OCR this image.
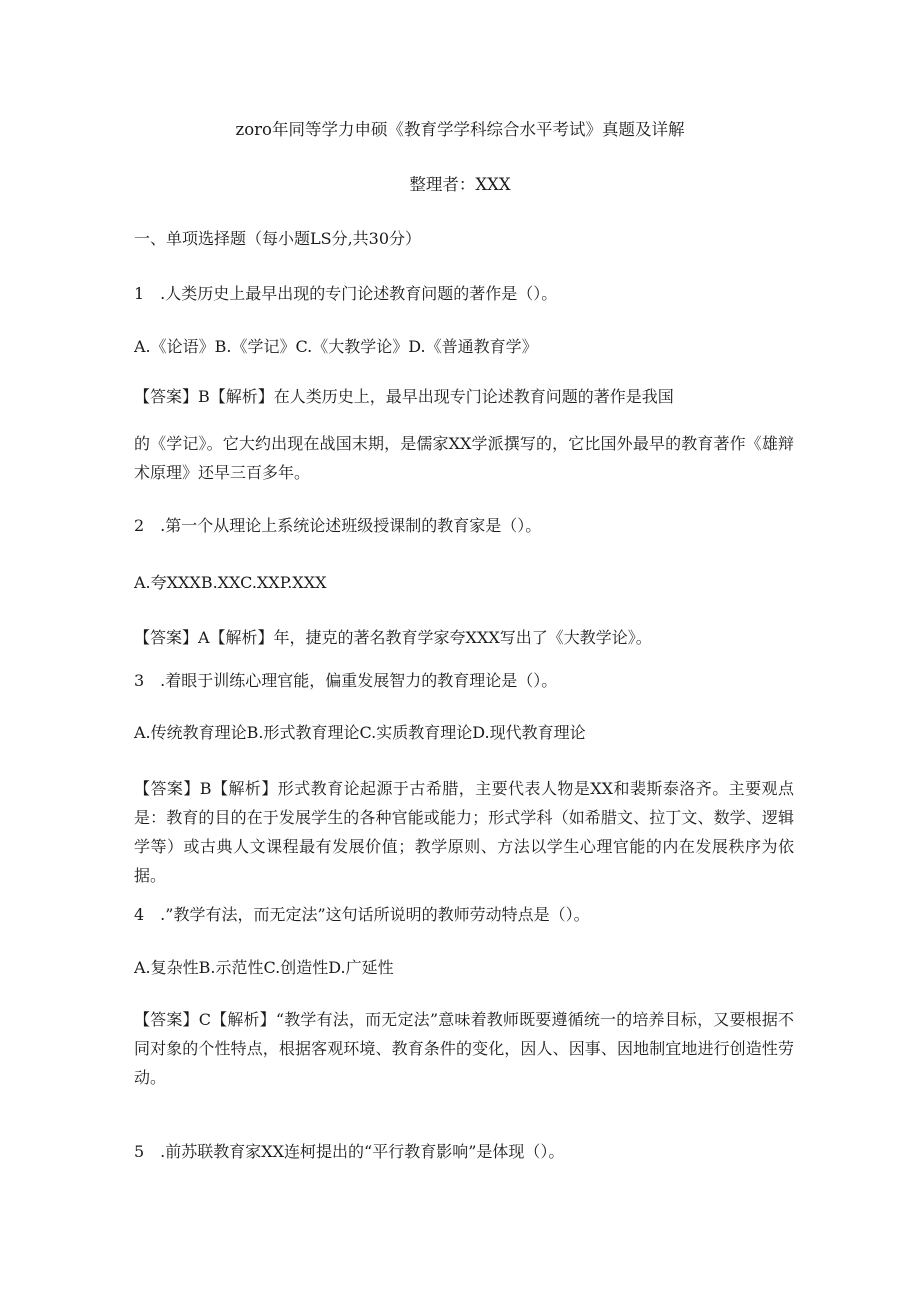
zoro年同等学力申硕《教育学学科综合水平考试》真题及详解
整理者：XXX
一、单项选择题（每小题LS分,共30分）
1　.人类历史上最早出现的专门论述教育问题的著作是（）。
A.《论语》B.《学记》C.《大教学论》D.《普通教育学》
【答案】B【解析】在人类历史上，最早出现专门论述教育问题的著作是我国
的《学记》。它大约出现在战国末期，是儒家XX学派撰写的，它比国外最早的教育著作《雄辩术原理》还早三百多年。
2　.第一个从理论上系统论述班级授课制的教育家是（）。
A.夸XXXB.XXC.XXP.XXX
【答案】A【解析】年，捷克的著名教育学家夸XXX写出了《大教学论》。
3　.着眼于训练心理官能，偏重发展智力的教育理论是（）。
A.传统教育理论B.形式教育理论C.实质教育理论D.现代教育理论
【答案】B【解析】形式教育论起源于古希腊，主要代表人物是XX和裴斯泰洛齐。主要观点是：教育的目的在于发展学生的各种官能或能力；形式学科（如希腊文、拉丁文、数学、逻辑学等）或古典人文课程最有发展价值；教学原则、方法以学生心理官能的内在发展秩序为依据。
4　.”教学有法，而无定法”这句话所说明的教师劳动特点是（）。
A.复杂性B.示范性C.创造性D.广延性
【答案】C【解析】“教学有法，而无定法”意味着教师既要遵循统一的培养目标，又要根据不同对象的个性特点，根据客观环境、教育条件的变化，因人、因事、因地制宜地进行创造性劳动。
5　.前苏联教育家XX连柯提出的“平行教育影响”是体现（）。
